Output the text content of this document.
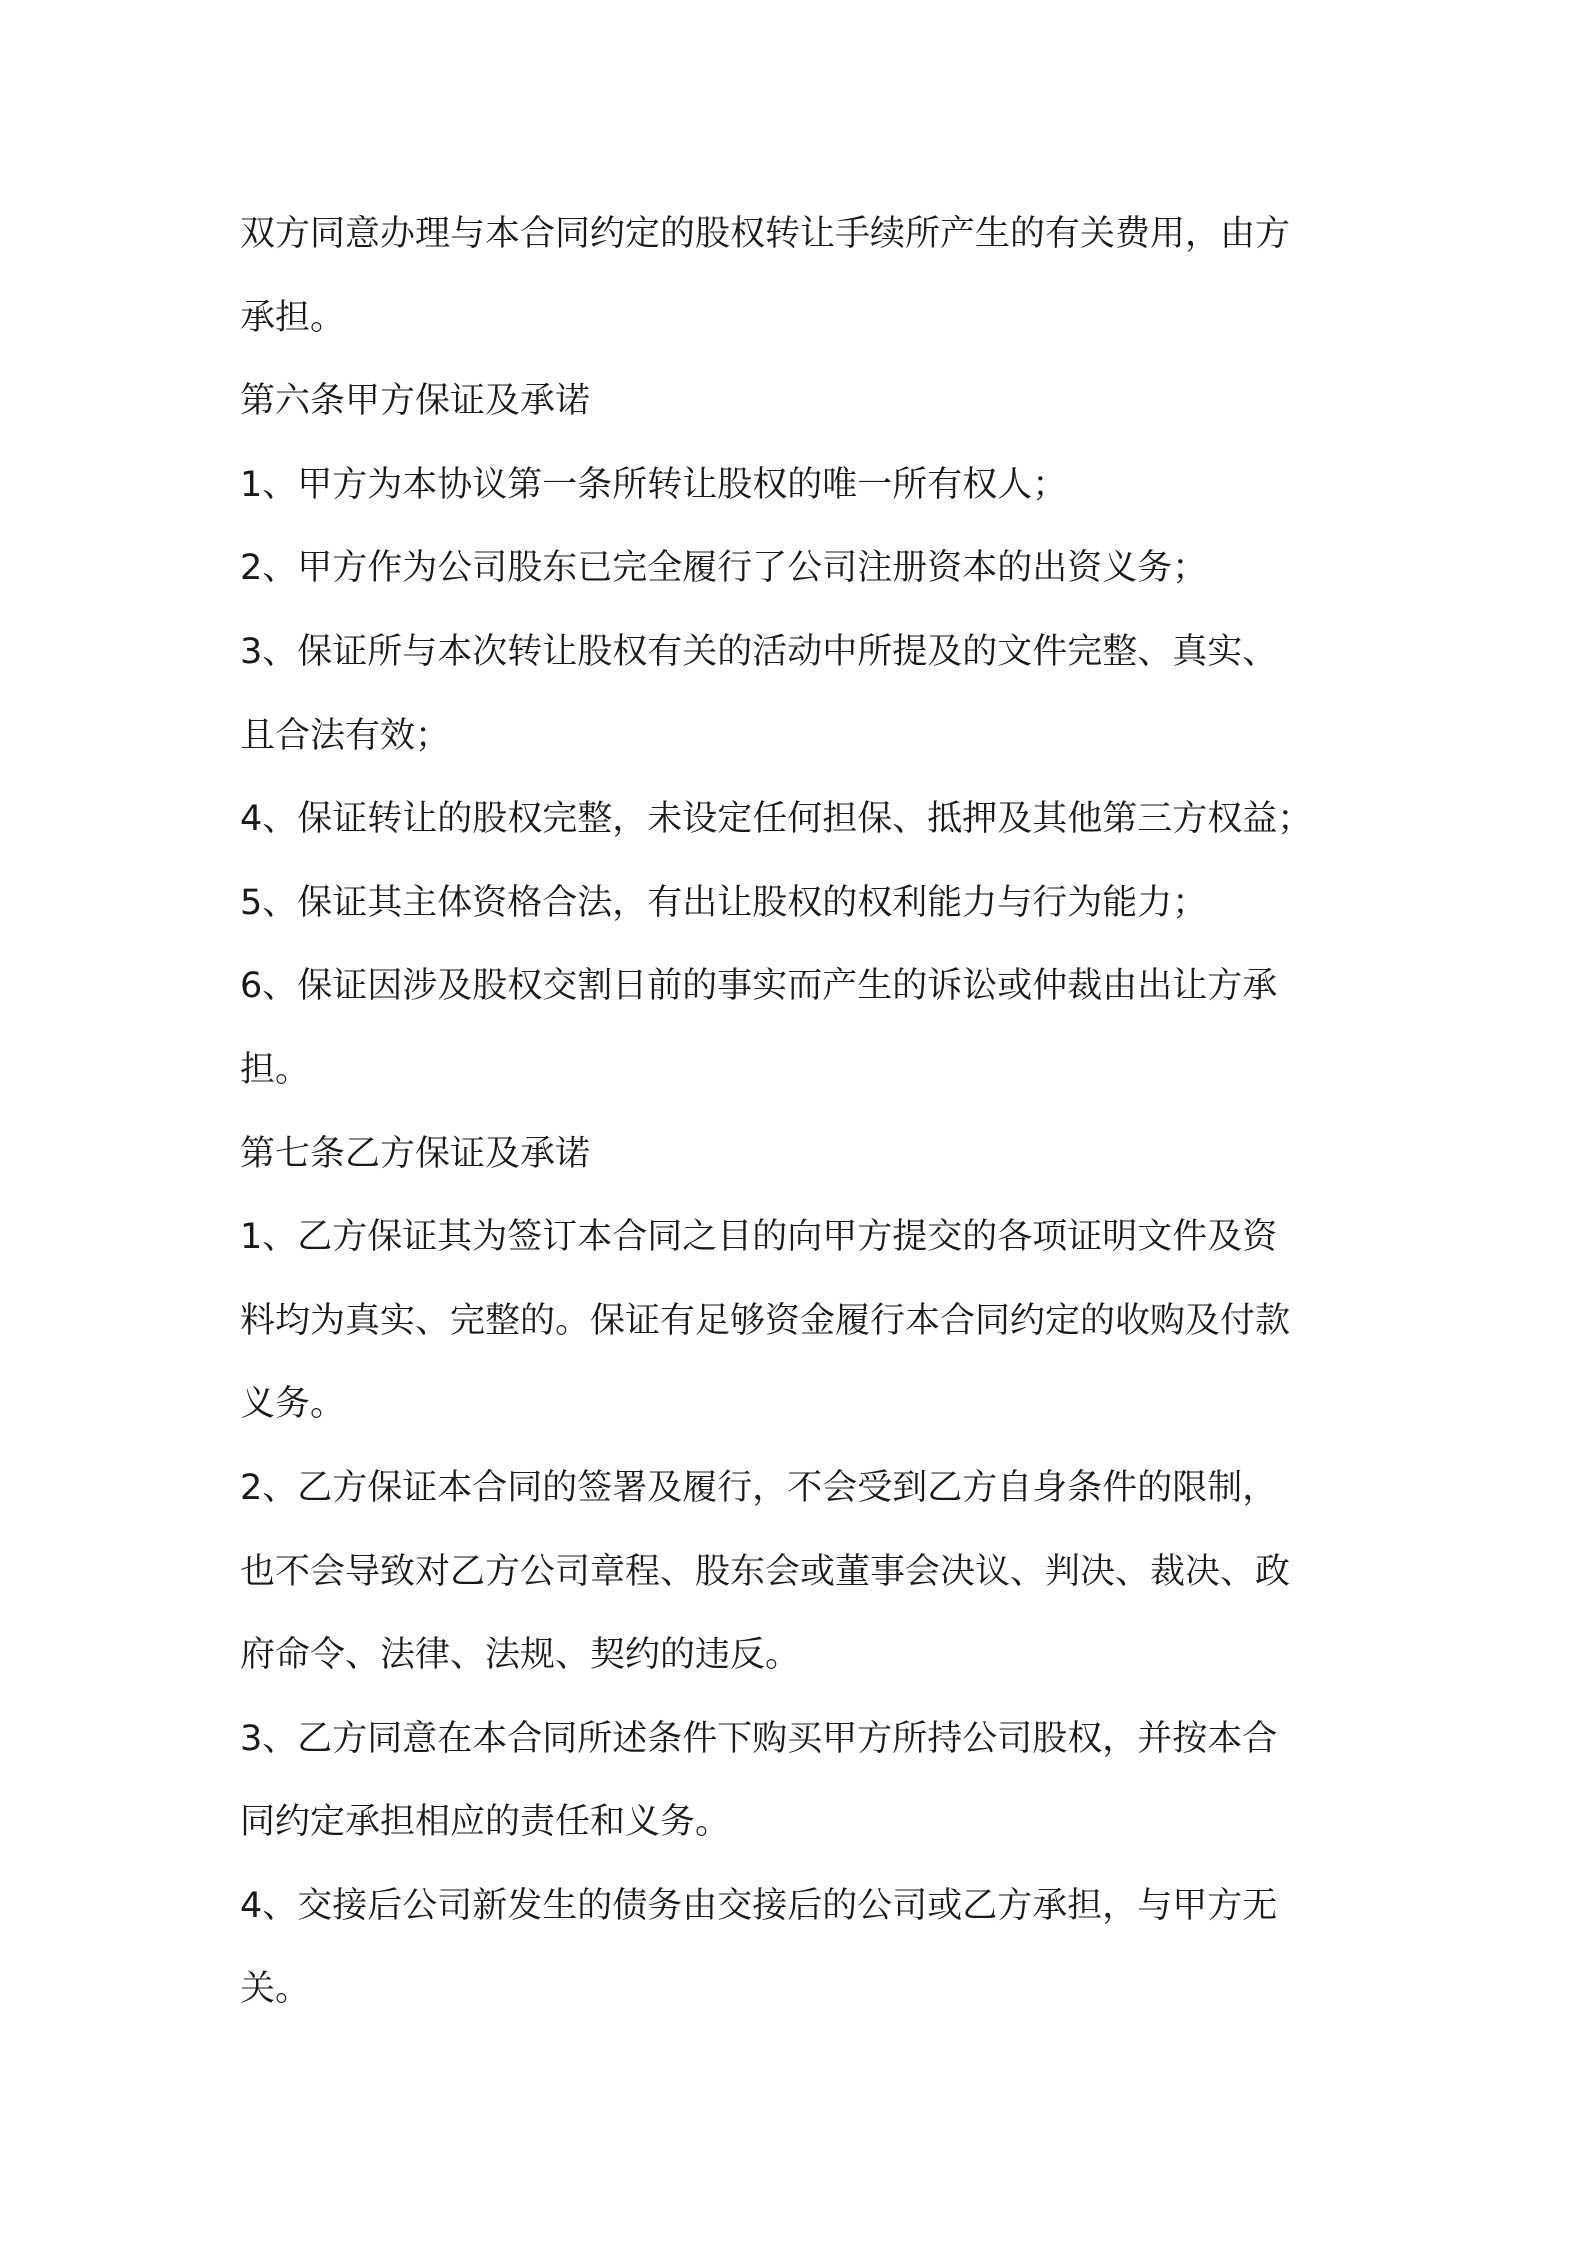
双方同意办理与本合同约定的股权转让手续所产生的有关费用，由方
承担。
第六条甲方保证及承诺
1、甲方为本协议第一条所转让股权的唯一所有权人；
2、甲方作为公司股东已完全履行了公司注册资本的出资义务；
3、保证所与本次转让股权有关的活动中所提及的文件完整、真实、
且合法有效；
4、保证转让的股权完整，未设定任何担保、抵押及其他第三方权益；
5、保证其主体资格合法，有出让股权的权利能力与行为能力；
6、保证因涉及股权交割日前的事实而产生的诉讼或仲裁由出让方承
担。
第七条乙方保证及承诺
1、乙方保证其为签订本合同之目的向甲方提交的各项证明文件及资
料均为真实、完整的。保证有足够资金履行本合同约定的收购及付款
义务。
2、乙方保证本合同的签署及履行，不会受到乙方自身条件的限制，
也不会导致对乙方公司章程、股东会或董事会决议、判决、裁决、政
府命令、法律、法规、契约的违反。
3、乙方同意在本合同所述条件下购买甲方所持公司股权，并按本合
同约定承担相应的责任和义务。
4、交接后公司新发生的债务由交接后的公司或乙方承担，与甲方无
关。
